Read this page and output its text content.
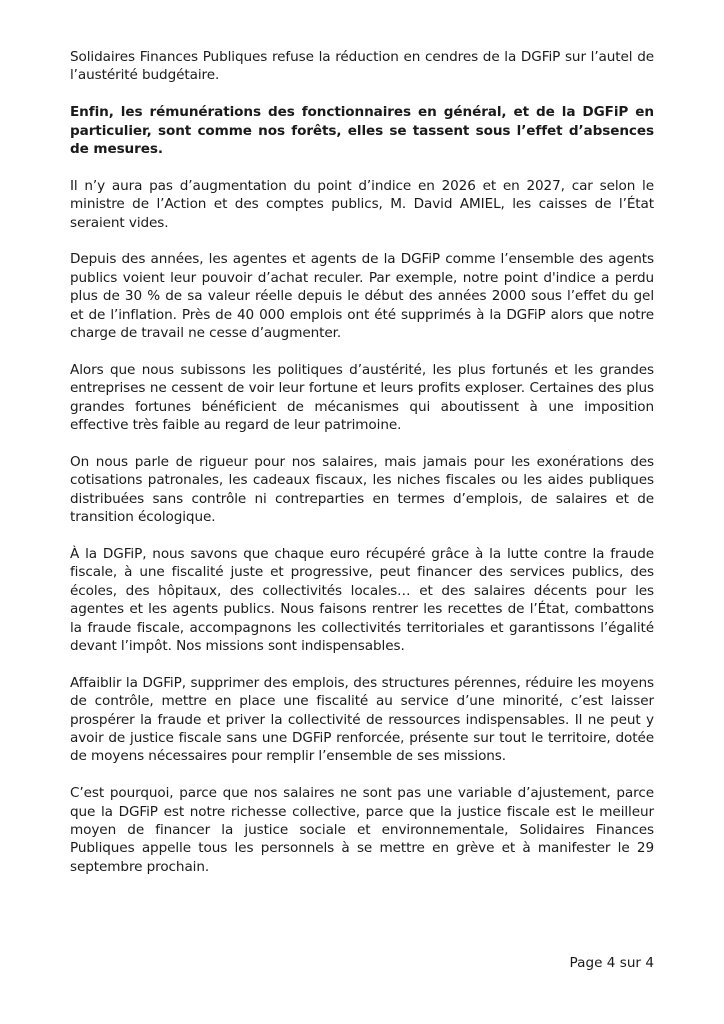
Solidaires Finances Publiques refuse la réduction en cendres de la DGFiP sur l’autel de l’austérité budgétaire.

Enfin, les rémunérations des fonctionnaires en général, et de la DGFiP en particulier, sont comme nos forêts, elles se tassent sous l’effet d’absences de mesures.

Il n’y aura pas d’augmentation du point d’indice en 2026 et en 2027, car selon le ministre de l’Action et des comptes publics, M. David AMIEL, les caisses de l’État seraient vides.

Depuis des années, les agentes et agents de la DGFiP comme l’ensemble des agents publics voient leur pouvoir d’achat reculer. Par exemple, notre point d'indice a perdu plus de 30 % de sa valeur réelle depuis le début des années 2000 sous l’effet du gel et de l’inflation. Près de 40 000 emplois ont été supprimés à la DGFiP alors que notre charge de travail ne cesse d’augmenter.

Alors que nous subissons les politiques d’austérité, les plus fortunés et les grandes entreprises ne cessent de voir leur fortune et leurs profits exploser. Certaines des plus grandes fortunes bénéficient de mécanismes qui aboutissent à une imposition effective très faible au regard de leur patrimoine.

On nous parle de rigueur pour nos salaires, mais jamais pour les exonérations des cotisations patronales, les cadeaux fiscaux, les niches fiscales ou les aides publiques distribuées sans contrôle ni contreparties en termes d’emplois, de salaires et de transition écologique.

À la DGFiP, nous savons que chaque euro récupéré grâce à la lutte contre la fraude fiscale, à une fiscalité juste et progressive, peut financer des services publics, des écoles, des hôpitaux, des collectivités locales… et des salaires décents pour les agentes et les agents publics. Nous faisons rentrer les recettes de l’État, combattons la fraude fiscale, accompagnons les collectivités territoriales et garantissons l’égalité devant l’impôt. Nos missions sont indispensables.

Affaiblir la DGFiP, supprimer des emplois, des structures pérennes, réduire les moyens de contrôle, mettre en place une fiscalité au service d’une minorité, c’est laisser prospérer la fraude et priver la collectivité de ressources indispensables. Il ne peut y avoir de justice fiscale sans une DGFiP renforcée, présente sur tout le territoire, dotée de moyens nécessaires pour remplir l’ensemble de ses missions.

C’est pourquoi, parce que nos salaires ne sont pas une variable d’ajustement, parce que la DGFiP est notre richesse collective, parce que la justice fiscale est le meilleur moyen de financer la justice sociale et environnementale, Solidaires Finances Publiques appelle tous les personnels à se mettre en grève et à manifester le 29 septembre prochain.

Page 4 sur 4
